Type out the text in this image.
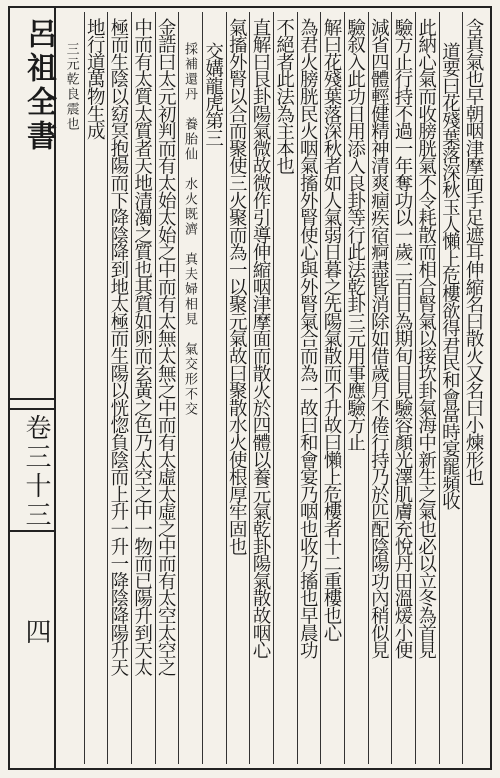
呂祖全書
卷三十三
四
含真氣也早朝咽津摩面手足遮耳伸縮名曰散火又名曰小煉形也
道要曰花殘葉落深秋玉人懶上危樓欲得君民和會當時宴罷頻收
此納心氣而收膀胱氣不令耗散而相合腎氣以接坎卦氣海中新生之氣也必以立冬為首見
驗方止行持不過一年奪功以一歲二百日為期旬日見驗容顏光澤肌膚充悅丹田溫煖小便
減省四體輕健精神清爽痼疾宿痾盡皆消除如借歲月不倦行持乃於匹配陰陽功內稍似見
驗叙入此功日用添入良卦等行此法乾卦三元用事應驗方止
解曰花殘葉落深秋者如人氣弱日暮之先陽氣散而不升故曰懶上危樓者十二重樓也心
為君火膀胱民火咽氣搐外腎使心與外腎氣合而為一故曰和會宴乃咽也收乃搐也早晨功
不絕者此法為主本也
直解曰艮卦陽氣微故微作引導伸縮咽津摩面而散火於四體以養元氣乾卦陽氣散故咽心
氣搐外腎以合而聚使三火聚而為一以聚元氣故曰聚散水火使根厚牢固也
交媾龍虎第三
採補還丹　養胎仙　水火既濟　真夫婦相見　氣交形不交
金誥曰太元初判而有太始太始之中而有太無太無之中而有太虛太虛之中而有太空太空之
中而有太質太質者天地清濁之質也其質如卵而玄黃之色乃太空之中一物而已陽升到天太
極而生陰以窈冥抱陽而下降陰降到地太極而生陽以恍惚負陰而上升一升一降陰降陽升天
地行道萬物生成
三元乾良震也
